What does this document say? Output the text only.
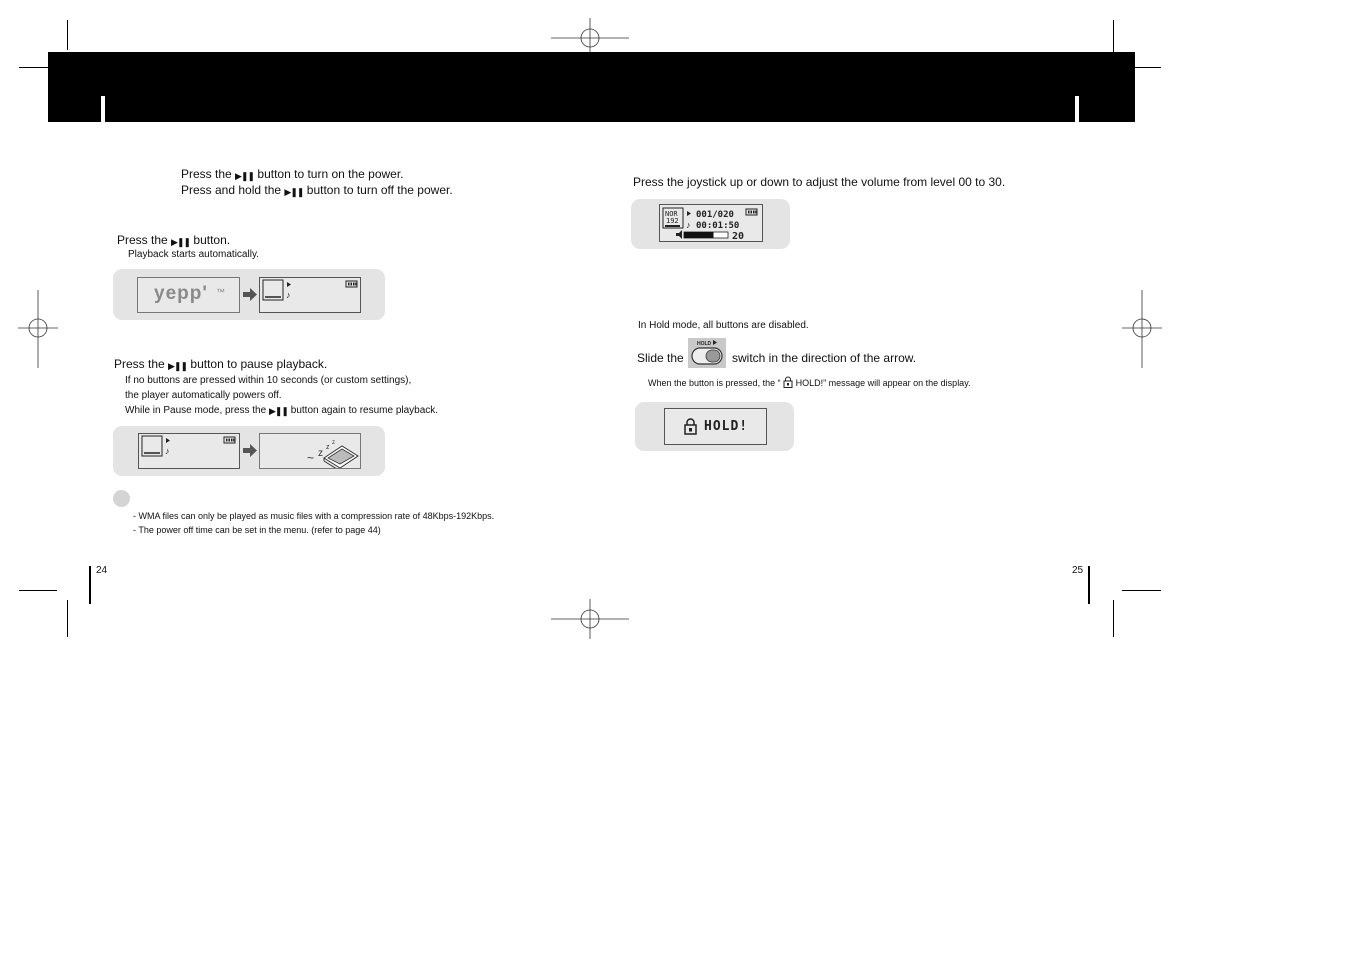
Press the ▶❚❚ button to turn on the power.
Press and hold the ▶❚❚ button to turn off the power.
Press the ▶❚❚ button.
Playback starts automatically.
yepp' ™	♪
Press the ▶❚❚ button to pause playback.
If no buttons are pressed within 10 seconds (or custom settings),
the player automatically powers off.
While in Pause mode, press the ▶❚❚ button again to resume playback.
♪	~ z
z
z
- WMA files can only be played as music files with a compression rate of 48Kbps-192Kbps.
- The power off time can be set in the menu. (refer to page 44)
24
Press the joystick up or down to adjust the volume from level 00 to 30.
NOR
192
001/020
♪ 00:01:50
20
In Hold mode, all buttons are disabled.
Slide the
HOLD
switch in the direction of the arrow.
When the button is pressed, the “ HOLD!” message will appear on the display.
HOLD!
25
